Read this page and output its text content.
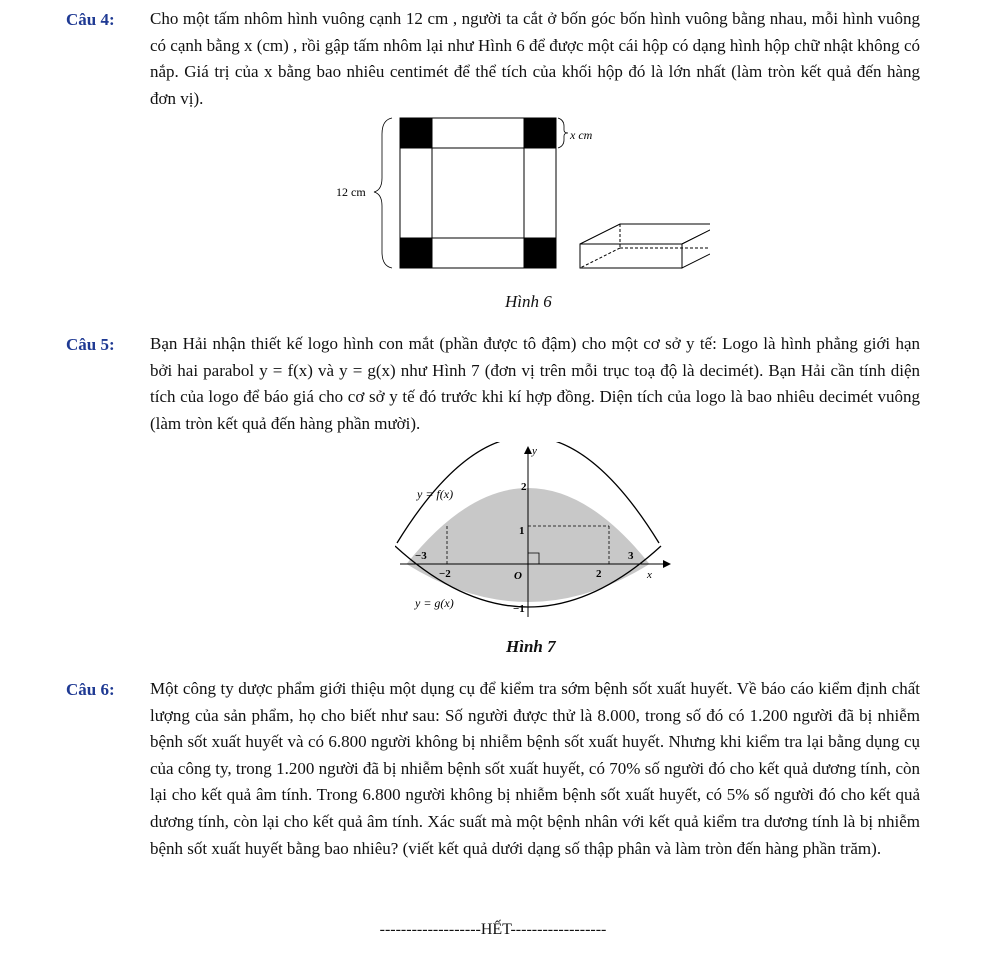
Câu 4: Cho một tấm nhôm hình vuông cạnh 12 cm , người ta cắt ở bốn góc bốn hình vuông bằng nhau, mỗi hình vuông có cạnh bằng x (cm) , rồi gập tấm nhôm lại như Hình 6 để được một cái hộp có dạng hình hộp chữ nhật không có nắp. Giá trị của x bằng bao nhiêu centimét để thể tích của khối hộp đó là lớn nhất (làm tròn kết quả đến hàng đơn vị).
12 cm
x cm
Hình 6
Câu 5: Bạn Hải nhận thiết kế logo hình con mắt (phần được tô đậm) cho một cơ sở y tế: Logo là hình phẳng giới hạn bởi hai parabol y = f(x) và y = g(x) như Hình 7 (đơn vị trên mỗi trục toạ độ là decimét). Bạn Hải cần tính diện tích của logo để báo giá cho cơ sở y tế đó trước khi kí hợp đồng. Diện tích của logo là bao nhiêu decimét vuông (làm tròn kết quả đến hàng phần mười).
y
x
O
y = f(x)
y = g(x)
2
1
−1
−3
−2	2
3
Hình 7
Câu 6: Một công ty dược phẩm giới thiệu một dụng cụ để kiểm tra sớm bệnh sốt xuất huyết. Về báo cáo kiểm định chất lượng của sản phẩm, họ cho biết như sau: Số người được thử là 8.000, trong số đó có 1.200 người đã bị nhiễm bệnh sốt xuất huyết và có 6.800 người không bị nhiễm bệnh sốt xuất huyết. Nhưng khi kiểm tra lại bằng dụng cụ của công ty, trong 1.200 người đã bị nhiễm bệnh sốt xuất huyết, có 70% số người đó cho kết quả dương tính, còn lại cho kết quả âm tính. Trong 6.800 người không bị nhiễm bệnh sốt xuất huyết, có 5% số người đó cho kết quả dương tính, còn lại cho kết quả âm tính. Xác suất mà một bệnh nhân với kết quả kiểm tra dương tính là bị nhiễm bệnh sốt xuất huyết bằng bao nhiêu? (viết kết quả dưới dạng số thập phân và làm tròn đến hàng phần trăm).
-------------------HẾT------------------
